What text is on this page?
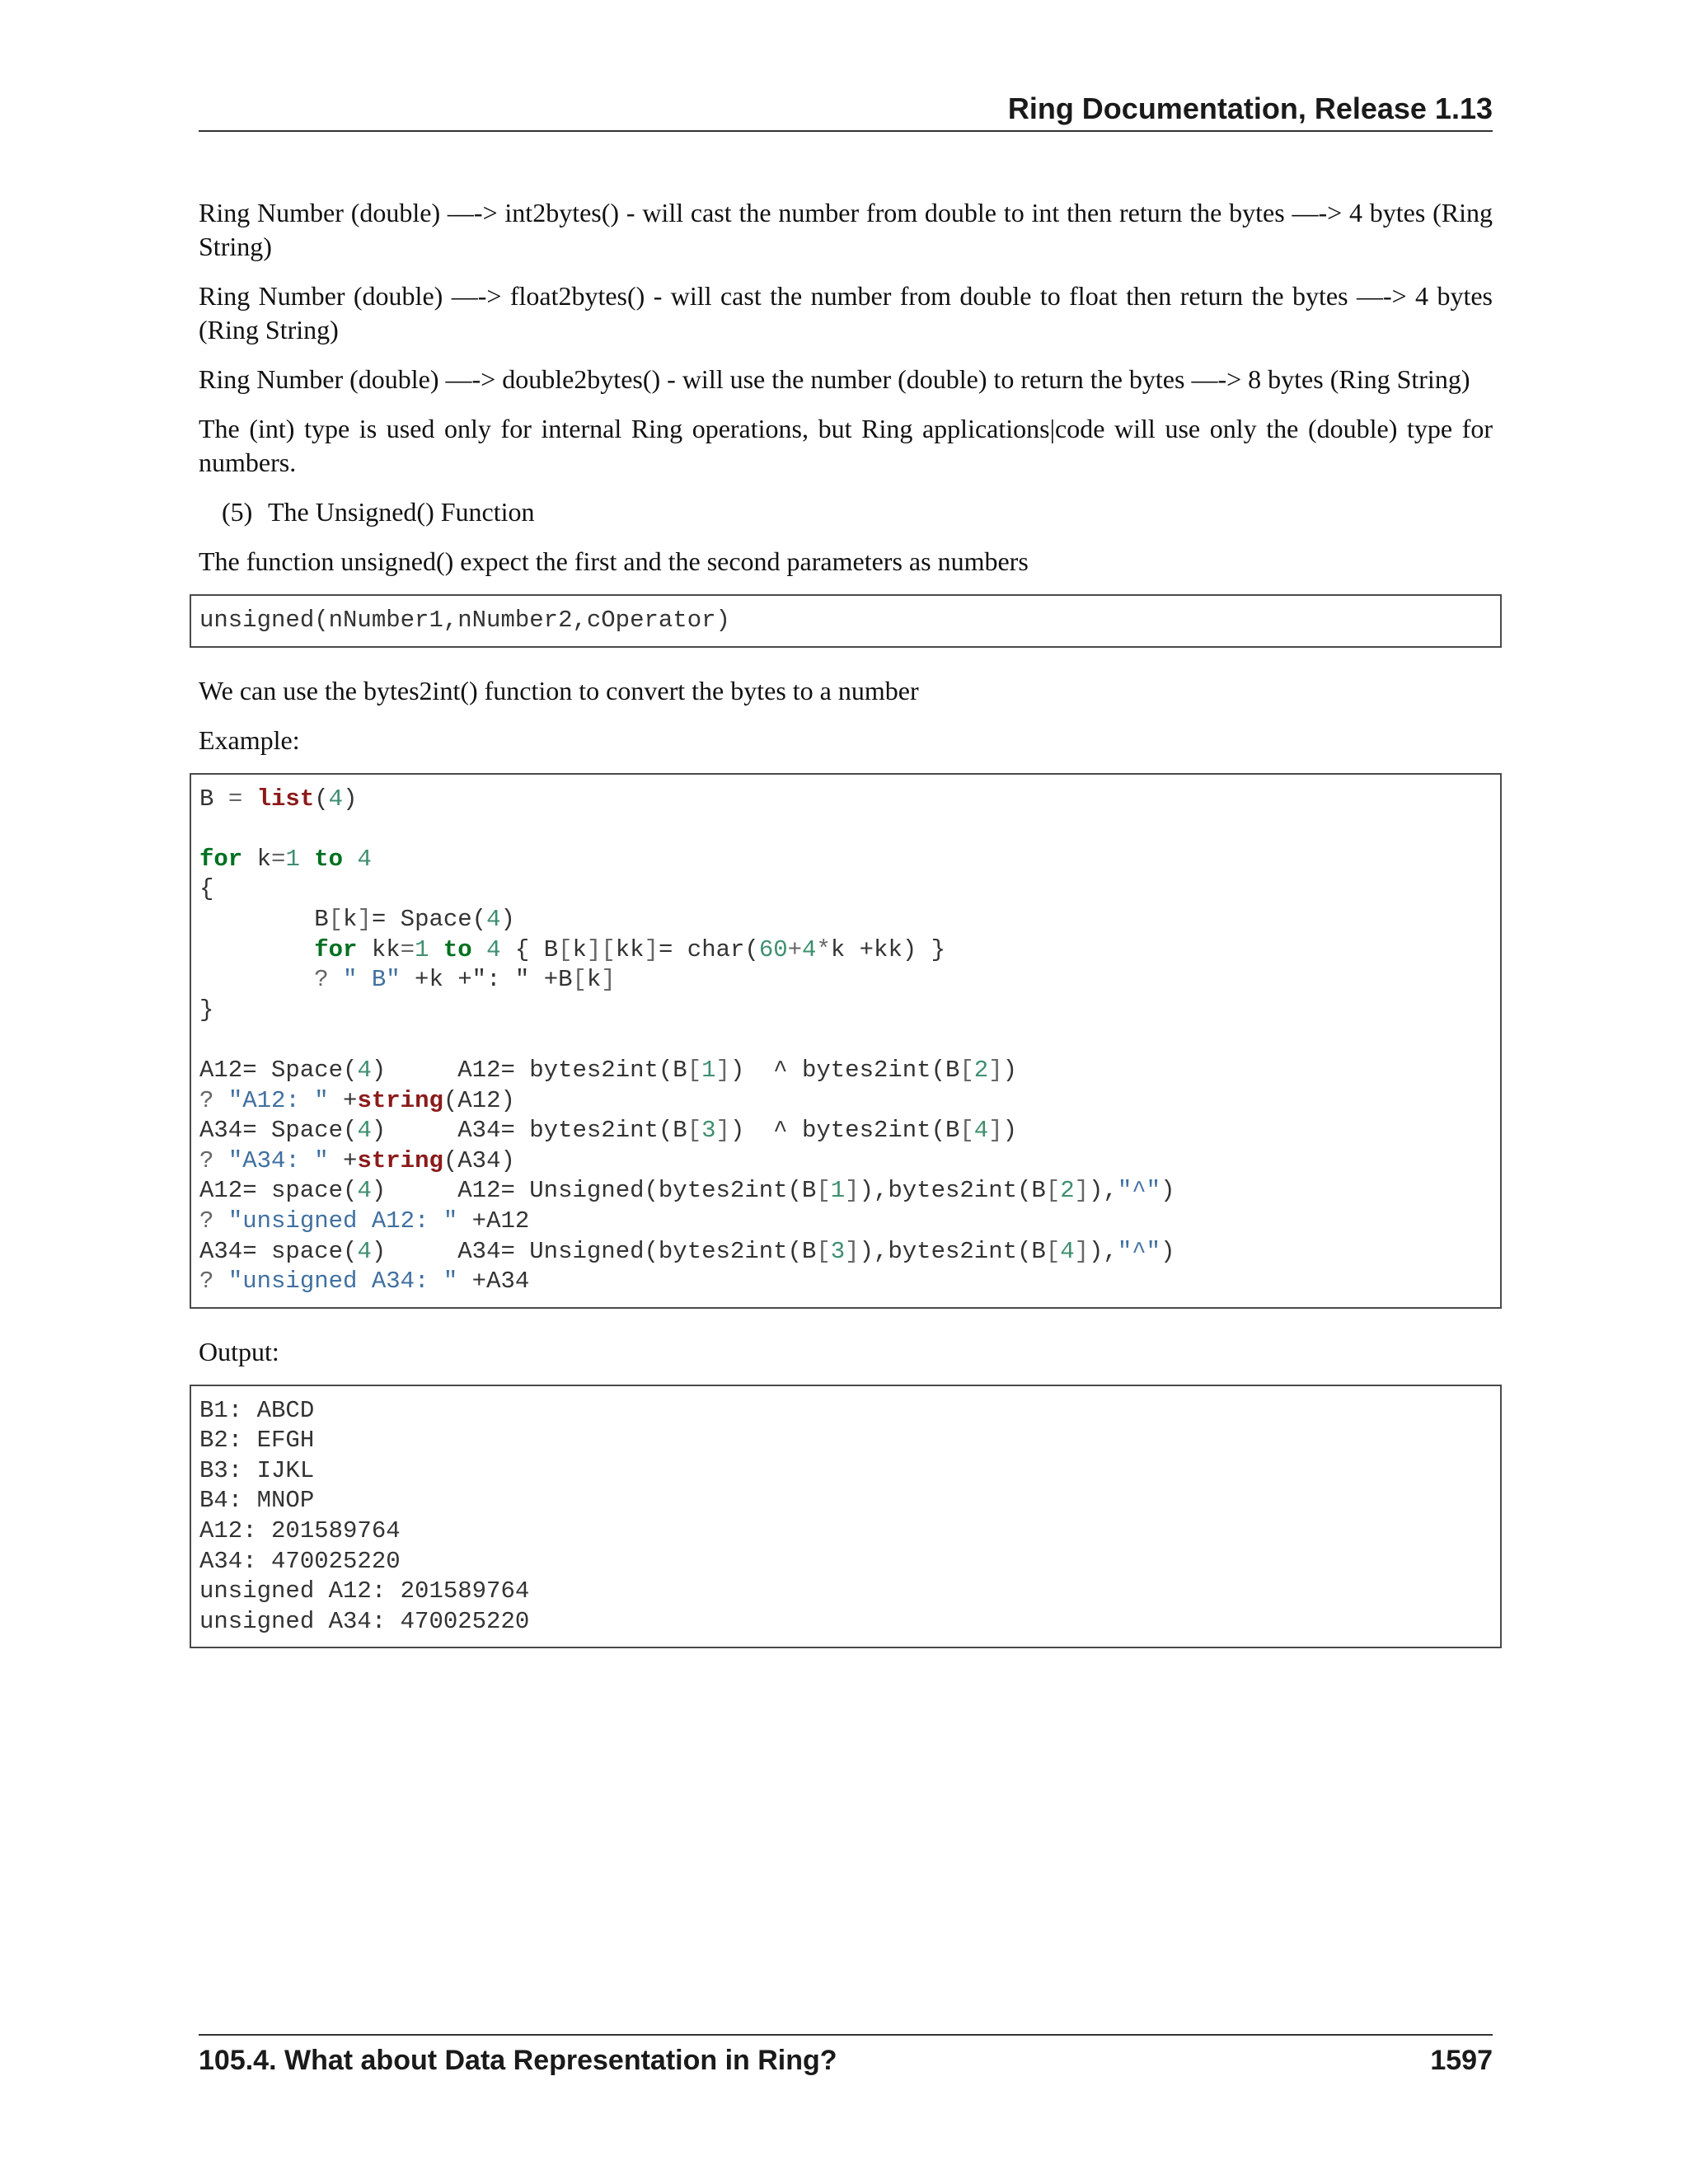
Ring Documentation, Release 1.13

Ring Number (double) —-> int2bytes() - will cast the number from double to int then return the bytes —-> 4 bytes (Ring String)

Ring Number (double) —-> float2bytes() - will cast the number from double to float then return the bytes —-> 4 bytes (Ring String)

Ring Number (double) —-> double2bytes() - will use the number (double) to return the bytes —-> 8 bytes (Ring String)

The (int) type is used only for internal Ring operations, but Ring applications|code will use only the (double) type for numbers.

(5) The Unsigned() Function

The function unsigned() expect the first and the second parameters as numbers

unsigned(nNumber1,nNumber2,cOperator)

We can use the bytes2int() function to convert the bytes to a number

Example:

B = list(4)
for k=1 to 4
{
B[k]= Space(4)
for kk=1 to 4 { B[k][kk]= char(60+4*k +kk) }
? " B" +k +": " +B[k]
}
A12= Space(4)     A12= bytes2int(B[1])  ^ bytes2int(B[2])
? "A12: " +string(A12)
A34= Space(4)     A34= bytes2int(B[3])  ^ bytes2int(B[4])
? "A34: " +string(A34)
A12= space(4)     A12= Unsigned(bytes2int(B[1]),bytes2int(B[2]),"^")
? "unsigned A12: " +A12
A34= space(4)     A34= Unsigned(bytes2int(B[3]),bytes2int(B[4]),"^")
? "unsigned A34: " +A34

Output:

B1: ABCD
B2: EFGH
B3: IJKL
B4: MNOP
A12: 201589764
A34: 470025220
unsigned A12: 201589764
unsigned A34: 470025220
105.4. What about Data Representation in Ring?	1597
